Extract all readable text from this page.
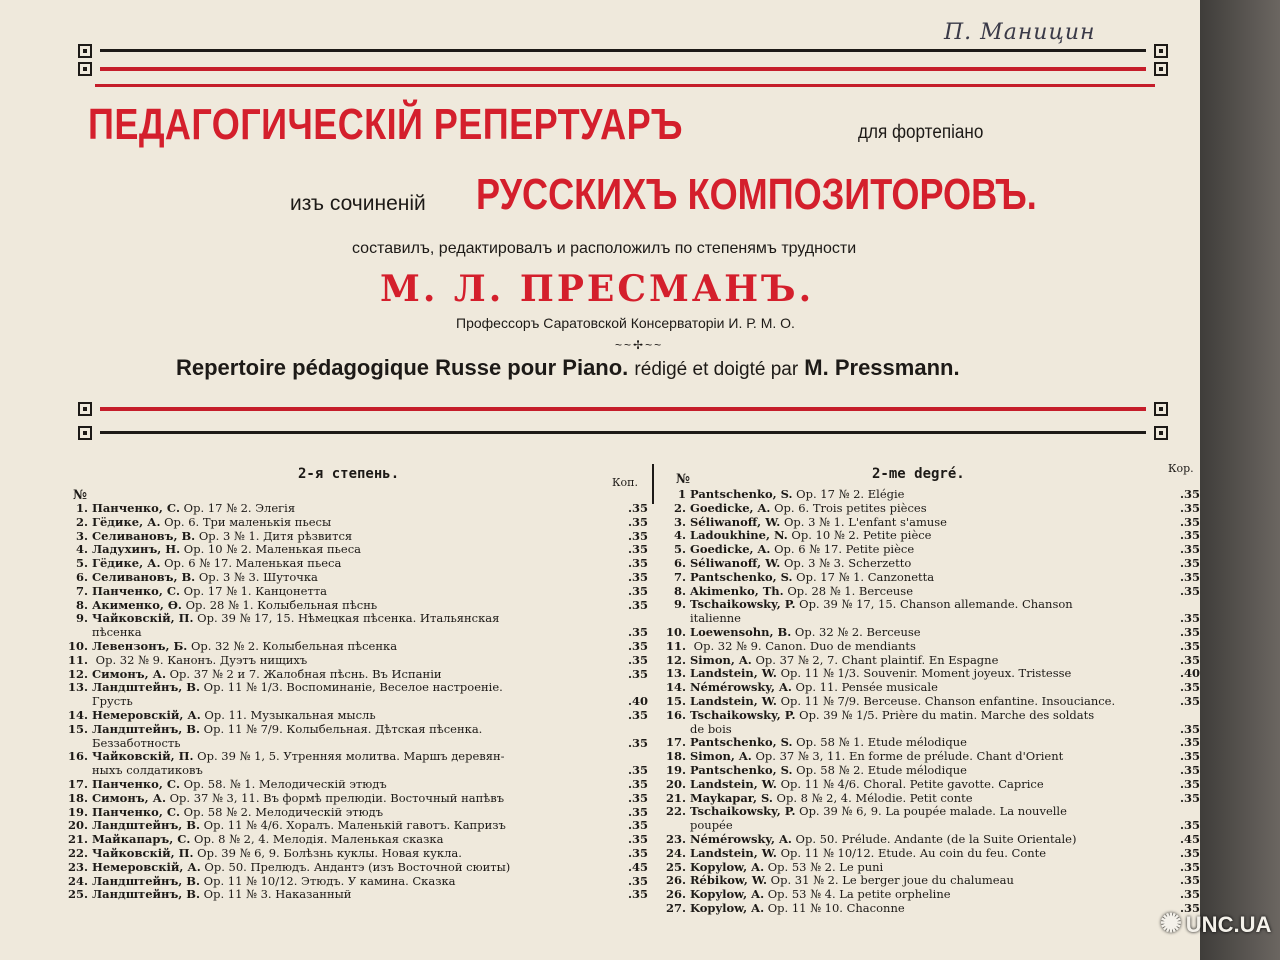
П. Маницин
ПЕДАГОГИЧЕСКIЙ РЕПЕРТУАРЪ	для фортепiано
изъ сочиненiй РУССКИХЪ КОМПОЗИТОРОВЪ.
составилъ, редактировалъ и расположилъ по степенямъ трудности
М. Л. ПРЕСМАНЪ.
Профессоръ Саратовской Консерваторiи И. Р. М. О.
~~✢~~
Repertoire pédagogique Russe pour Piano. rédigé et doigté par M. Pressmann.
2-я степень.
Коп.
№
2-me degré.	Кор.
№
1. Панченко, С. Ор. 17 № 2. Элегiя	.35
2. Гёдике, А. Ор. 6. Три маленькiя пьесы	.35
3. Селивановъ, В. Ор. 3 № 1. Дитя рѣзвится	.35
4. Ладухинъ, Н. Ор. 10 № 2. Маленькая пьеса	.35
5. Гёдике, А. Ор. 6 № 17. Маленькая пьеса	.35
6. Селивановъ, В. Ор. 3 № 3. Шуточка	.35
7. Панченко, С. Ор. 17 № 1. Канцонетта	.35
8. Акименко, Ѳ. Ор. 28 № 1. Колыбельная пѣснь	.35
9. Чайковскiй, П. Ор. 39 № 17, 15. Нѣмецкая пѣсенка. Итальянская
пѣсенка	.35
10. Левензонъ, Б. Ор. 32 № 2. Колыбельная пѣсенка	.35
11. Ор. 32 № 9. Канонъ. Дуэтъ нищихъ	.35
12. Симонъ, А. Ор. 37 № 2 и 7. Жалобная пѣснь. Въ Испанiи	.35
13. Ландштейнъ, В. Ор. 11 № 1/3. Воспоминанiе, Веселое настроенiе.
Грусть	.40
14. Немеровскiй, А. Ор. 11. Музыкальная мысль	.35
15. Ландштейнъ, В. Ор. 11 № 7/9. Колыбельная. Дѣтская пѣсенка.
Беззаботность	.35
16. Чайковскiй, П. Ор. 39 № 1, 5. Утренняя молитва. Маршъ деревян-
ныхъ солдатиковъ	.35
17. Панченко, С. Ор. 58. № 1. Мелодическiй этюдъ	.35
18. Симонъ, А. Ор. 37 № 3, 11. Въ формѣ прелюдiи. Восточный напѣвъ	.35
19. Панченко, С. Ор. 58 № 2. Мелодическiй этюдъ	.35
20. Ландштейнъ, В. Ор. 11 № 4/6. Хоралъ. Маленькiй гавотъ. Капризъ	.35
21. Майкапаръ, С. Ор. 8 № 2, 4. Мелодiя. Маленькая сказка	.35
22. Чайковскiй, П. Ор. 39 № 6, 9. Болѣзнь куклы. Новая кукла.	.35
23. Немеровскiй, А. Ор. 50. Прелюдъ. Андантэ (изъ Восточной сюиты)	.45
24. Ландштейнъ, В. Ор. 11 № 10/12. Этюдъ. У камина. Сказка	.35
25. Ландштейнъ, В. Ор. 11 № 3. Наказанный	.35
1 Pantschenko, S. Op. 17 № 2. Elégie	.35
2. Goedicke, A. Op. 6. Trois petites pièces	.35
3. Séliwanoff, W. Op. 3 № 1. L'enfant s'amuse	.35
4. Ladoukhine, N. Op. 10 № 2. Petite pièce	.35
5. Goedicke, A. Op. 6 № 17. Petite pièce	.35
6. Séliwanoff, W. Op. 3 № 3. Scherzetto	.35
7. Pantschenko, S. Op. 17 № 1. Canzonetta	.35
8. Akimenko, Th. Op. 28 № 1. Berceuse	.35
9. Tschaikowsky, P. Op. 39 № 17, 15. Chanson allemande. Chanson
italienne	.35
10. Loewensohn, B. Op. 32 № 2. Berceuse	.35
11. Op. 32 № 9. Canon. Duo de mendiants	.35
12. Simon, A. Op. 37 № 2, 7. Chant plaintif. En Espagne	.35
13. Landstein, W. Op. 11 № 1/3. Souvenir. Moment joyeux. Tristesse	.40
14. Némérowsky, A. Op. 11. Pensée musicale	.35
15. Landstein, W. Op. 11 № 7/9. Berceuse. Chanson enfantine. Insouciance.	.35
16. Tschaikowsky, P. Op. 39 № 1/5. Prière du matin. Marche des soldats
de bois	.35
17. Pantschenko, S. Op. 58 № 1. Etude mélodique	.35
18. Simon, A. Op. 37 № 3, 11. En forme de prélude. Chant d'Orient	.35
19. Pantschenko, S. Op. 58 № 2. Etude mélodique	.35
20. Landstein, W. Op. 11 № 4/6. Choral. Petite gavotte. Caprice	.35
21. Maykapar, S. Op. 8 № 2, 4. Mélodie. Petit conte	.35
22. Tschaikowsky, P. Op. 39 № 6, 9. La poupée malade. La nouvelle
poupée	.35
23. Némérowsky, A. Op. 50. Prélude. Andante (de la Suite Orientale)	.45
24. Landstein, W. Op. 11 № 10/12. Etude. Au coin du feu. Conte	.35
25. Kopylow, A. Op. 53 № 2. Le puni	.35
26. Rébikow, W. Op. 31 № 2. Le berger joue du chalumeau	.35
26. Kopylow, A. Op. 53 № 4. La petite orpheline	.35
27. Kopylow, A. Op. 11 № 10. Chaconne	.35
✺ UNC.UA
